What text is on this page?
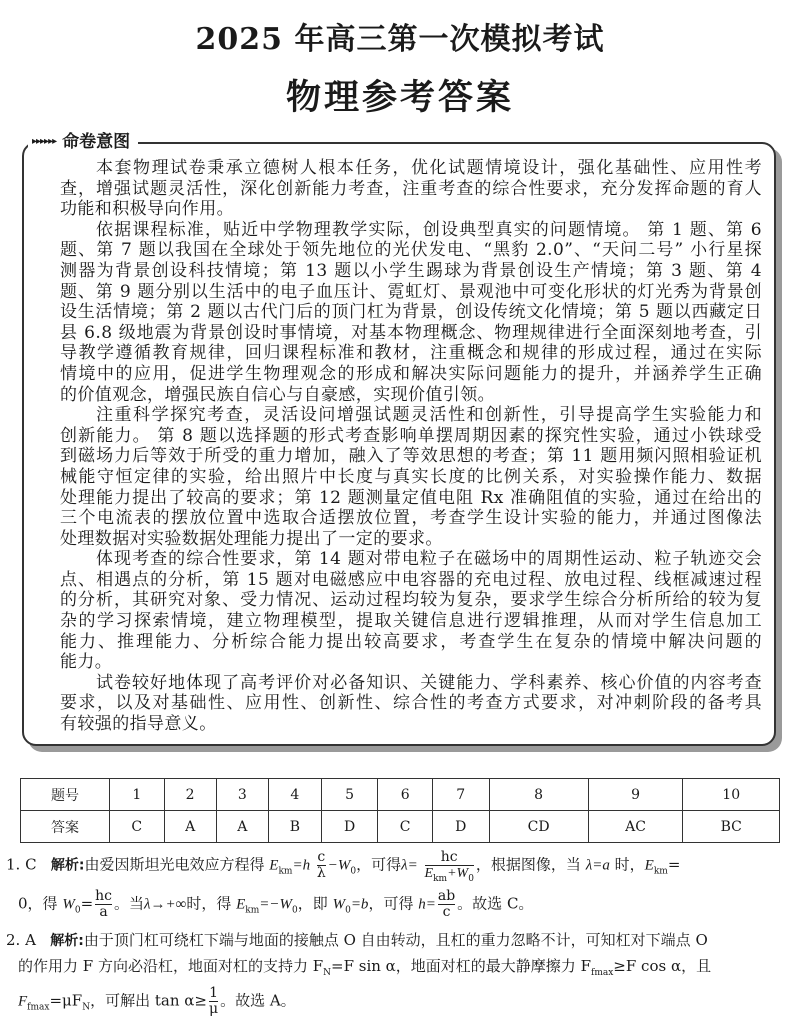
2025 年高三第一次模拟考试
物理参考答案
▸▸▸▸▸▸ 命卷意图
本套物理试卷秉承立德树人根本任务，优化试题情境设计，强化基础性、应用性考
查，增强试题灵活性，深化创新能力考查，注重考查的综合性要求，充分发挥命题的育人
功能和积极导向作用。
依据课程标准，贴近中学物理教学实际，创设典型真实的问题情境。 第 1 题、第 6
题、第 7 题以我国在全球处于领先地位的光伏发电、“黑豹 2.0”、“天问二号” 小行星探
测器为背景创设科技情境；第 13 题以小学生踢球为背景创设生产情境；第 3 题、第 4
题、第 9 题分别以生活中的电子血压计、霓虹灯、景观池中可变化形状的灯光秀为背景创
设生活情境；第 2 题以古代门后的顶门杠为背景，创设传统文化情境；第 5 题以西藏定日
县 6.8 级地震为背景创设时事情境，对基本物理概念、物理规律进行全面深刻地考查，引
导教学遵循教育规律，回归课程标准和教材，注重概念和规律的形成过程，通过在实际
情境中的应用，促进学生物理观念的形成和解决实际问题能力的提升，并涵养学生正确
的价值观念，增强民族自信心与自豪感，实现价值引领。
注重科学探究考查，灵活设问增强试题灵活性和创新性，引导提高学生实验能力和
创新能力。 第 8 题以选择题的形式考查影响单摆周期因素的探究性实验，通过小铁球受
到磁场力后等效于所受的重力增加，融入了等效思想的考查；第 11 题用频闪照相验证机
械能守恒定律的实验，给出照片中长度与真实长度的比例关系，对实验操作能力、数据
处理能力提出了较高的要求；第 12 题测量定值电阻 Rx 准确阻值的实验，通过在给出的
三个电流表的摆放位置中选取合适摆放位置，考查学生设计实验的能力，并通过图像法
处理数据对实验数据处理能力提出了一定的要求。
体现考查的综合性要求，第 14 题对带电粒子在磁场中的周期性运动、粒子轨迹交会
点、相遇点的分析，第 15 题对电磁感应中电容器的充电过程、放电过程、线框减速过程
的分析，其研究对象、受力情况、运动过程均较为复杂，要求学生综合分析所给的较为复
杂的学习探索情境，建立物理模型，提取关键信息进行逻辑推理，从而对学生信息加工
能力、推理能力、分析综合能力提出较高要求，考查学生在复杂的情境中解决问题的
能力。
试卷较好地体现了高考评价对必备知识、关键能力、学科素养、核心价值的内容考查
要求，以及对基础性、应用性、创新性、综合性的考查方式要求，对冲刺阶段的备考具
有较强的指导意义。
题号	1	2	3	4	5	6	7	8	9	10
答案	C	A	A	B	D	C	D	CD	AC	BC
1. C 解析:由爱因斯坦光电效应方程得 $E_{km}=h \frac{c}{\lambda} -W_0$，可得$\lambda= \frac{hc}{E_{km}+W_0}$ ，根据图像，当 λ=a 时，$E_{km}=$
0，得 $W_0= \frac{hc}{a}$ 。当λ→+∞时，得 $E_{km}=-W_0$，即 $W_0=b$，可得 $h= \frac{ab}{c}$ 。故选 C。
2. A 解析:由于顶门杠可绕杠下端与地面的接触点 O 自由转动，且杠的重力忽略不计，可知杠对下端点 O
的作用力 F 方向必沿杠，地面对杠的支持力 $F_N=F$ sin α，地面对杠的最大静摩擦力 $F_{fmax}\ge F$ cos α，且
$F_{fmax}=\mu F_N$，可解出 $\tan \alpha\ge \frac{1}{\mu}$ 。故选 A。
